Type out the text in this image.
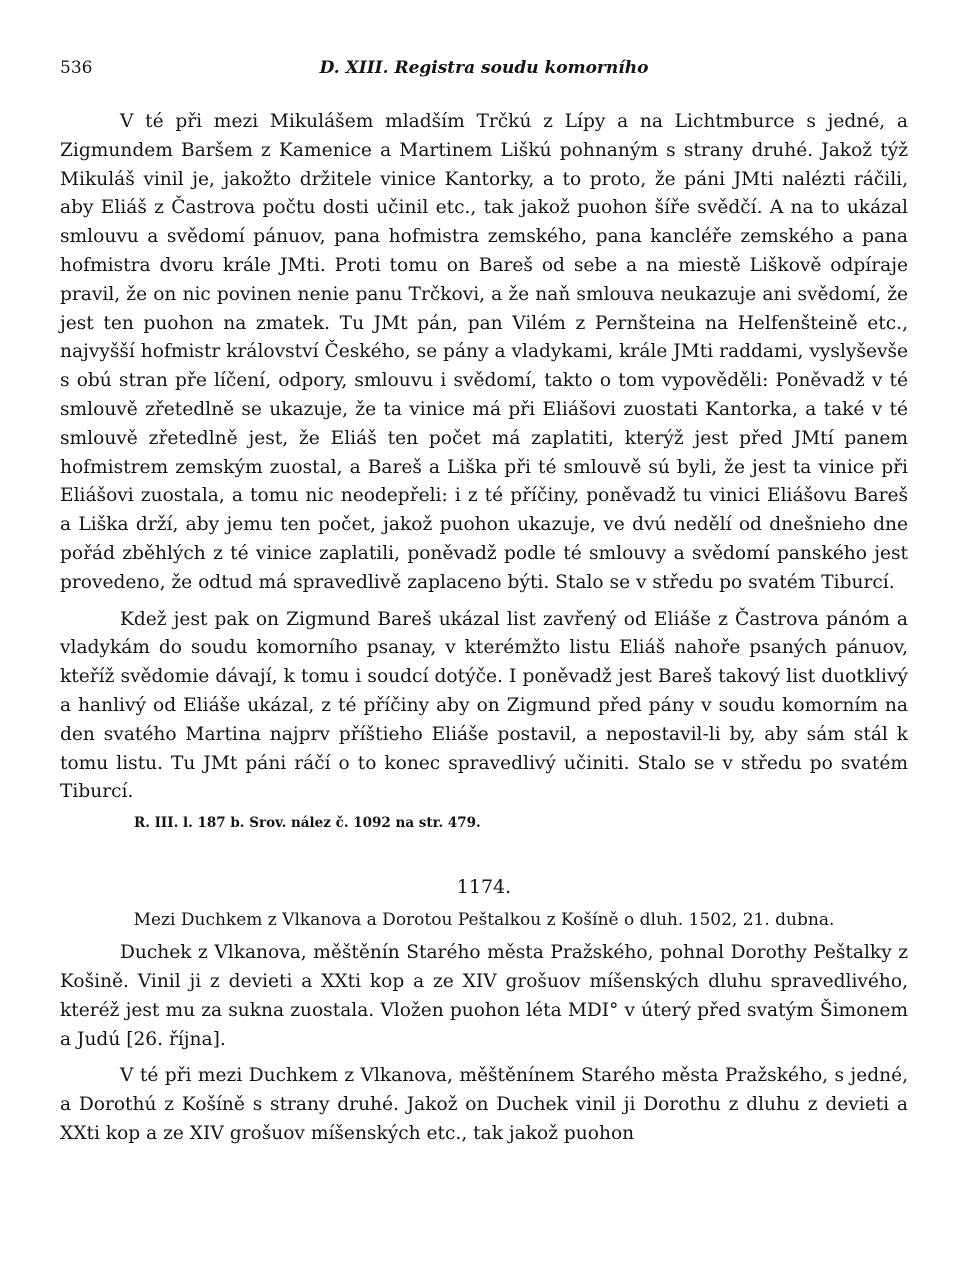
536	D. XIII. Registra soudu komorního

V té při mezi Mikulášem mladším Trčkú z Lípy a na Lichtmburce s jedné, a Zigmundem Baršem z Kamenice a Martinem Liškú pohnaným s strany druhé. Jakož týž Mikuláš vinil je, jakožto držitele vinice Kantorky, a to proto, že páni JMti nalézti ráčili, aby Eliáš z Častrova počtu dosti učinil etc., tak jakož puohon šíře svědčí. A na to ukázal smlouvu a svědomí pánuov, pana hofmistra zemského, pana kancléře zemského a pana hofmistra dvoru krále JMti. Proti tomu on Bareš od sebe a na miestě Liškově odpíraje pravil, že on nic povinen nenie panu Trčkovi, a že naň smlouva neukazuje ani svědomí, že jest ten puohon na zmatek. Tu JMt pán, pan Vilém z Pernšteina na Helfenšteině etc., najvyšší hofmistr království Českého, se pány a vladykami, krále JMti raddami, vyslyševše s obú stran pře líčení, odpory, smlouvu i svědomí, takto o tom vypověděli: Poněvadž v té smlouvě zřetedlně se ukazuje, že ta vinice má při Eliášovi zuostati Kantorka, a také v té smlouvě zřetedlně jest, že Eliáš ten počet má zaplatiti, kterýž jest před JMtí panem hofmistrem zemským zuostal, a Bareš a Liška při té smlouvě sú byli, že jest ta vinice při Eliášovi zuostala, a tomu nic neodepřeli: i z té příčiny, poněvadž tu vinici Eliášovu Bareš a Liška drží, aby jemu ten počet, jakož puohon ukazuje, ve dvú nedělí od dnešnieho dne pořád zběhlých z té vinice zaplatili, poněvadž podle té smlouvy a svědomí panského jest provedeno, že odtud má spravedlivě zaplaceno býti. Stalo se v středu po svatém Tiburcí.

Kdež jest pak on Zigmund Bareš ukázal list zavřený od Eliáše z Častrova pánóm a vladykám do soudu komorního psanay, v kterémžto listu Eliáš nahoře psaných pánuov, kteříž svědomie dávají, k tomu i soudcí dotýče. I poněvadž jest Bareš takový list duotklivý a hanlivý od Eliáše ukázal, z té příčiny aby on Zigmund před pány v soudu komorním na den svatého Martina najprv příštieho Eliáše postavil, a nepostavil-li by, aby sám stál k tomu listu. Tu JMt páni ráčí o to konec spravedlivý učiniti. Stalo se v středu po svatém Tiburcí.

R. III. l. 187 b. Srov. nález č. 1092 na str. 479.

1174.

Mezi Duchkem z Vlkanova a Dorotou Peštalkou z Košíně o dluh. 1502, 21. dubna.

Duchek z Vlkanova, měštěnín Starého města Pražského, pohnal Dorothy Peštalky z Košině. Vinil ji z devieti a XXti kop a ze XIV grošuov míšenských dluhu spravedlivého, kteréž jest mu za sukna zuostala. Vložen puohon léta MDI° v úterý před svatým Šimonem a Judú [26. října].

V té při mezi Duchkem z Vlkanova, měštěnínem Starého města Pražského, s jedné, a Dorothú z Košíně s strany druhé. Jakož on Duchek vinil ji Dorothu z dluhu z devieti a XXti kop a ze XIV grošuov míšenských etc., tak jakož puohon
